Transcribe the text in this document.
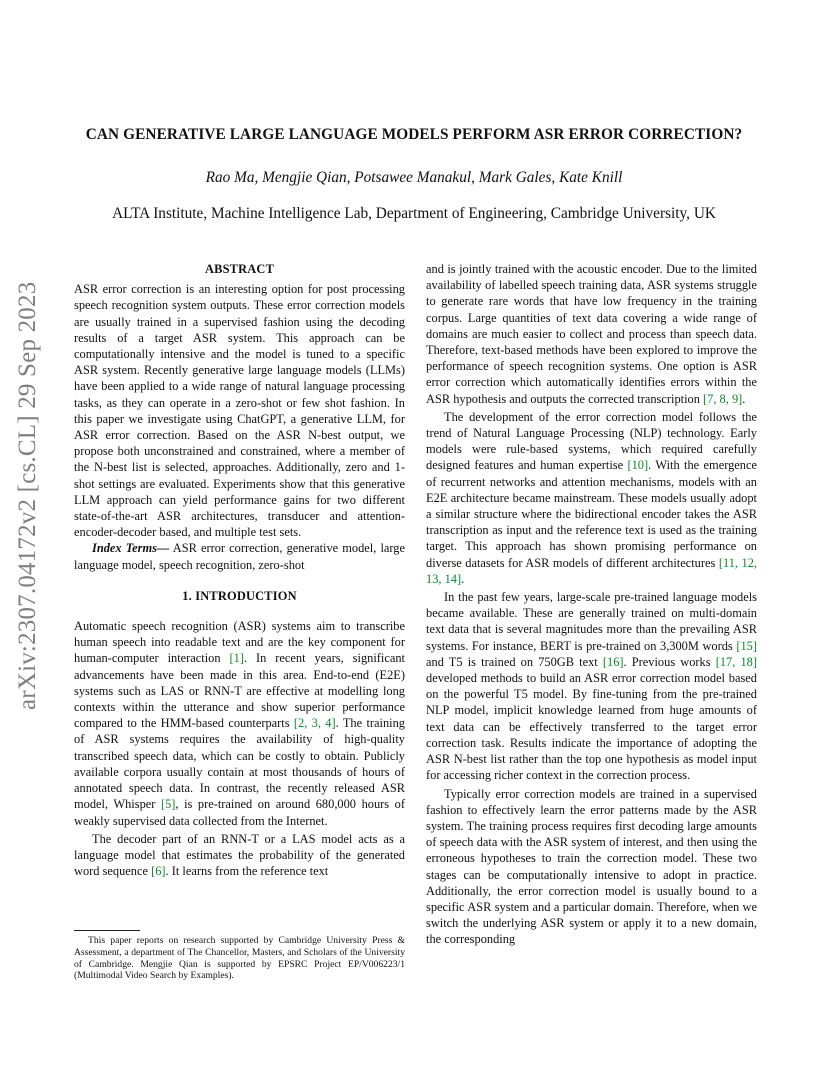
arXiv:2307.04172v2 [cs.CL] 29 Sep 2023
CAN GENERATIVE LARGE LANGUAGE MODELS PERFORM ASR ERROR CORRECTION?
Rao Ma, Mengjie Qian, Potsawee Manakul, Mark Gales, Kate Knill
ALTA Institute, Machine Intelligence Lab, Department of Engineering, Cambridge University, UK
ABSTRACT

ASR error correction is an interesting option for post processing speech recognition system outputs. These error correction models are usually trained in a supervised fashion using the decoding results of a target ASR system. This approach can be computationally intensive and the model is tuned to a specific ASR system. Recently generative large language models (LLMs) have been applied to a wide range of natural language processing tasks, as they can operate in a zero-shot or few shot fashion. In this paper we investigate using ChatGPT, a generative LLM, for ASR error correction. Based on the ASR N-best output, we propose both unconstrained and constrained, where a member of the N-best list is selected, approaches. Additionally, zero and 1-shot settings are evaluated. Experiments show that this generative LLM approach can yield performance gains for two different state-of-the-art ASR architectures, transducer and attention-encoder-decoder based, and multiple test sets.

Index Terms— ASR error correction, generative model, large language model, speech recognition, zero-shot

1. INTRODUCTION

Automatic speech recognition (ASR) systems aim to transcribe human speech into readable text and are the key component for human-computer interaction [1]. In recent years, significant advancements have been made in this area. End-to-end (E2E) systems such as LAS or RNN-T are effective at modelling long contexts within the utterance and show superior performance compared to the HMM-based counterparts [2, 3, 4]. The training of ASR systems requires the availability of high-quality transcribed speech data, which can be costly to obtain. Publicly available corpora usually contain at most thousands of hours of annotated speech data. In contrast, the recently released ASR model, Whisper [5], is pre-trained on around 680,000 hours of weakly supervised data collected from the Internet.

The decoder part of an RNN-T or a LAS model acts as a language model that estimates the probability of the generated word sequence [6]. It learns from the reference text

and is jointly trained with the acoustic encoder. Due to the limited availability of labelled speech training data, ASR systems struggle to generate rare words that have low frequency in the training corpus. Large quantities of text data covering a wide range of domains are much easier to collect and process than speech data. Therefore, text-based methods have been explored to improve the performance of speech recognition systems. One option is ASR error correction which automatically identifies errors within the ASR hypothesis and outputs the corrected transcription [7, 8, 9].

The development of the error correction model follows the trend of Natural Language Processing (NLP) technology. Early models were rule-based systems, which required carefully designed features and human expertise [10]. With the emergence of recurrent networks and attention mechanisms, models with an E2E architecture became mainstream. These models usually adopt a similar structure where the bidirectional encoder takes the ASR transcription as input and the reference text is used as the training target. This approach has shown promising performance on diverse datasets for ASR models of different architectures [11, 12, 13, 14].

In the past few years, large-scale pre-trained language models became available. These are generally trained on multi-domain text data that is several magnitudes more than the prevailing ASR systems. For instance, BERT is pre-trained on 3,300M words [15] and T5 is trained on 750GB text [16]. Previous works [17, 18] developed methods to build an ASR error correction model based on the powerful T5 model. By fine-tuning from the pre-trained NLP model, implicit knowledge learned from huge amounts of text data can be effectively transferred to the target error correction task. Results indicate the importance of adopting the ASR N-best list rather than the top one hypothesis as model input for accessing richer context in the correction process.

Typically error correction models are trained in a supervised fashion to effectively learn the error patterns made by the ASR system. The training process requires first decoding large amounts of speech data with the ASR system of interest, and then using the erroneous hypotheses to train the correction model. These two stages can be computationally intensive to adopt in practice. Additionally, the error correction model is usually bound to a specific ASR system and a particular domain. Therefore, when we switch the underlying ASR system or apply it to a new domain, the corresponding

This paper reports on research supported by Cambridge University Press & Assessment, a department of The Chancellor, Masters, and Scholars of the University of Cambridge. Mengjie Qian is supported by EPSRC Project EP/V006223/1 (Multimodal Video Search by Examples).
